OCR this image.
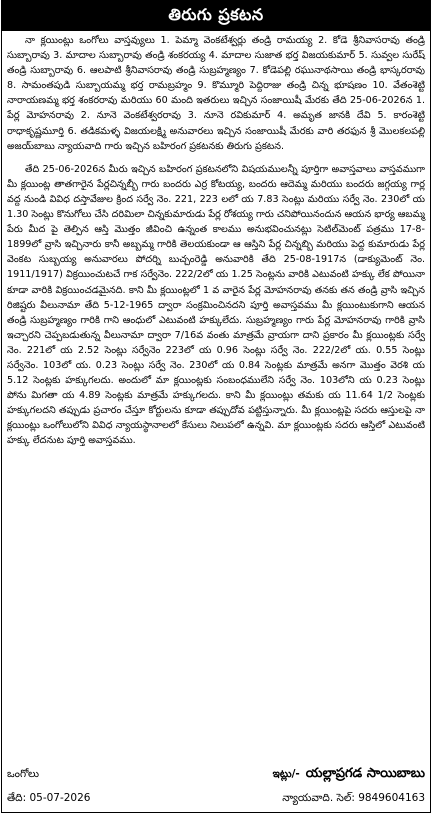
తిరుగు ప్రకటన

నా క్లయింట్లు ఒంగోలు వాస్తవ్యులు 1. పెమ్మా వెంకటేశ్వర్లు తండ్రి రామయ్య 2. కోడె శ్రీనివాసరావు తండ్రి సుబ్బారావు 3. మాదాల సుబ్బారావు తండ్రి శంకరయ్య 4. మాదాల సుజాత భర్త విజయకుమార్ 5. సువ్వల సురేష్ తండ్రి సుబ్బారావు 6. ఆలపాటి శ్రీనివాసరావు తండ్రి సుబ్రహ్మణ్యం 7. కోడెపల్లి రఘునాథసాయి తండ్రి భాస్కరరావు 8. సామంతపుడి సుబ్బాయమ్మ భర్త రామబ్రహ్మం 9. కొమ్మూరి పెద్దిరాజు తండ్రి చిన్న భూషణం 10. వేతంశెట్టి నారాయణమ్మ భర్త శంకరరావు మరియు 60 మంది ఇతరులు ఇచ్చిన సంజాయిషీ మేరకు తేది 25-06-2026న 1. పేర్ల మోహనరావు 2. నూనె వెంకటేశ్వరరావు 3. నూనె రవికుమార్ 4. అమృత జానకి దేవి 5. కారంశెట్టి రాధాకృష్ణమూర్తి 6. తడికమళ్ళ విజయలక్ష్మి అనువారలు ఇచ్చిన సంజాయిషీ మేరకు వారి తరఫున శ్రీ మొలకలపల్లి అజయ్‌బాబు న్యాయవాది గారు ఇచ్చిన బహిరంగ ప్రకటనకు తిరుగు ప్రకటన.

తేది 25-06-2026న మీరు ఇచ్చిన బహిరంగ ప్రకటనలోని విషయములన్నీ పూర్తిగా అవాస్తవాలు వాస్తవముగా మీ క్లయింట్ల తాతగారైన పేర్లచిన్నబ్బీ గారు బందరు ఎర్ర కోటయ్య, బందరు ఆదెమ్మ మరియు బందరు జగ్గయ్య గార్ల వద్ద నుండి వివిధ దస్తావేజుల క్రింద సర్వే నెం. 221, 223 లలో య 7.83 సెంట్లు మరియు సర్వే నెం. 230లో య 1.30 సెంట్లు కొనుగోలు చేసి దరిమిలా చిన్నకుమారుడు పేర్ల రోశయ్య గారు చనిపోయినందున ఆయన భార్య ఆబమ్మ పేరు మీద పై తెల్పిన ఆస్తి మొత్తం జీవించి ఉన్నంత కాలము అనుభవించునట్లు సెటిల్‌మెంట్ పత్రము 17-8-1899లో వ్రాసి ఇచ్చినారు కానీ అబ్బమ్మ గారికి తెలయకుండా ఆ ఆస్తిని పేర్ల చిన్నబ్బి మరియు పెద్ద కుమారుడు పేర్ల వెంకట సుబ్బయ్య అనువారలు పోదర్ని బుచ్చంరెడ్డి అనువారికి తేది 25-08-1917న (డాక్యుమెంట్ నెం. 1911/1917) విక్రయించుటచే గాక సర్వేనెం. 222/2లో య 1.25 సెంట్లను వారికి ఎటువంటి హక్కు లేక పోయినా కూడా వారికి విక్రయించడమైనది. కాని మీ క్లయింట్లలో 1 వ వారైన పేర్ల మోహనరావు తనకు తన తండ్రి వ్రాసి ఇచ్చిన రిజిష్టరు వీలునామా తేది 5-12-1965 ద్వారా సంక్రమించినదని పూర్తి అవాస్తవము మీ క్లయింటుకుగాని ఆయన తండ్రి సుబ్రహ్మణ్యం గారికి గాని ఆంధులో ఎటువంటి హక్కులేదు. సుబ్రహ్మణ్యం గారు పేర్ల మోహనరావు గారికి వ్రాసి ఇచ్చారని చెప్పబడుతున్న వీలునామా ద్వారా 7/16వ వంతు మాత్రమే వ్రాయగా దాని ప్రకారం మీ క్లయింట్లకు సర్వే నెం. 221లో య 2.52 సెంట్లు సర్వేనెం 223లో య 0.96 సెంట్లు సర్వే నెం. 222/2లో య. 0.55 సెంట్లు సర్వేనెం. 103లో య. 0.23 సెంట్లు సర్వే నెం. 230లో య 0.84 సెంట్లకు మాత్రమే అనగా మొత్తం వెరశి య 5.12 సెంట్లకు హక్కుగలదు. అందులో మా క్లయింట్లకు సంబంధములేని సర్వే నెం. 103లోని య 0.23 సెంట్లు పోను మిగతా య 4.89 సెంట్లకు మాత్రమే హక్కుగలదు. కాని మీ క్లయింట్లు తమకు య 11.64 1/2 సెంట్లకు హక్కుగలదని తప్పుడు ప్రచారం చేస్తూ కోర్టులను కూడా తప్పుదోవ పట్టిస్తున్నారు. మీ క్లయింట్లపై సదరు ఆస్తులపై నా క్లయింట్లు ఒంగోలులోని వివిధ న్యాయస్థానాలలో కేసులు నిలుపలో ఉన్నవి. మా క్లయింట్లకు సదరు ఆస్తిలో ఎటువంటి హక్కు లేదనుట పూర్తి అవాస్తవము.

ఒంగోలు	ఇట్లు/- యల్లాప్రగడ సాయిబాబు
తేది: 05-07-2026	న్యాయవాది. సెల్: 9849604163
